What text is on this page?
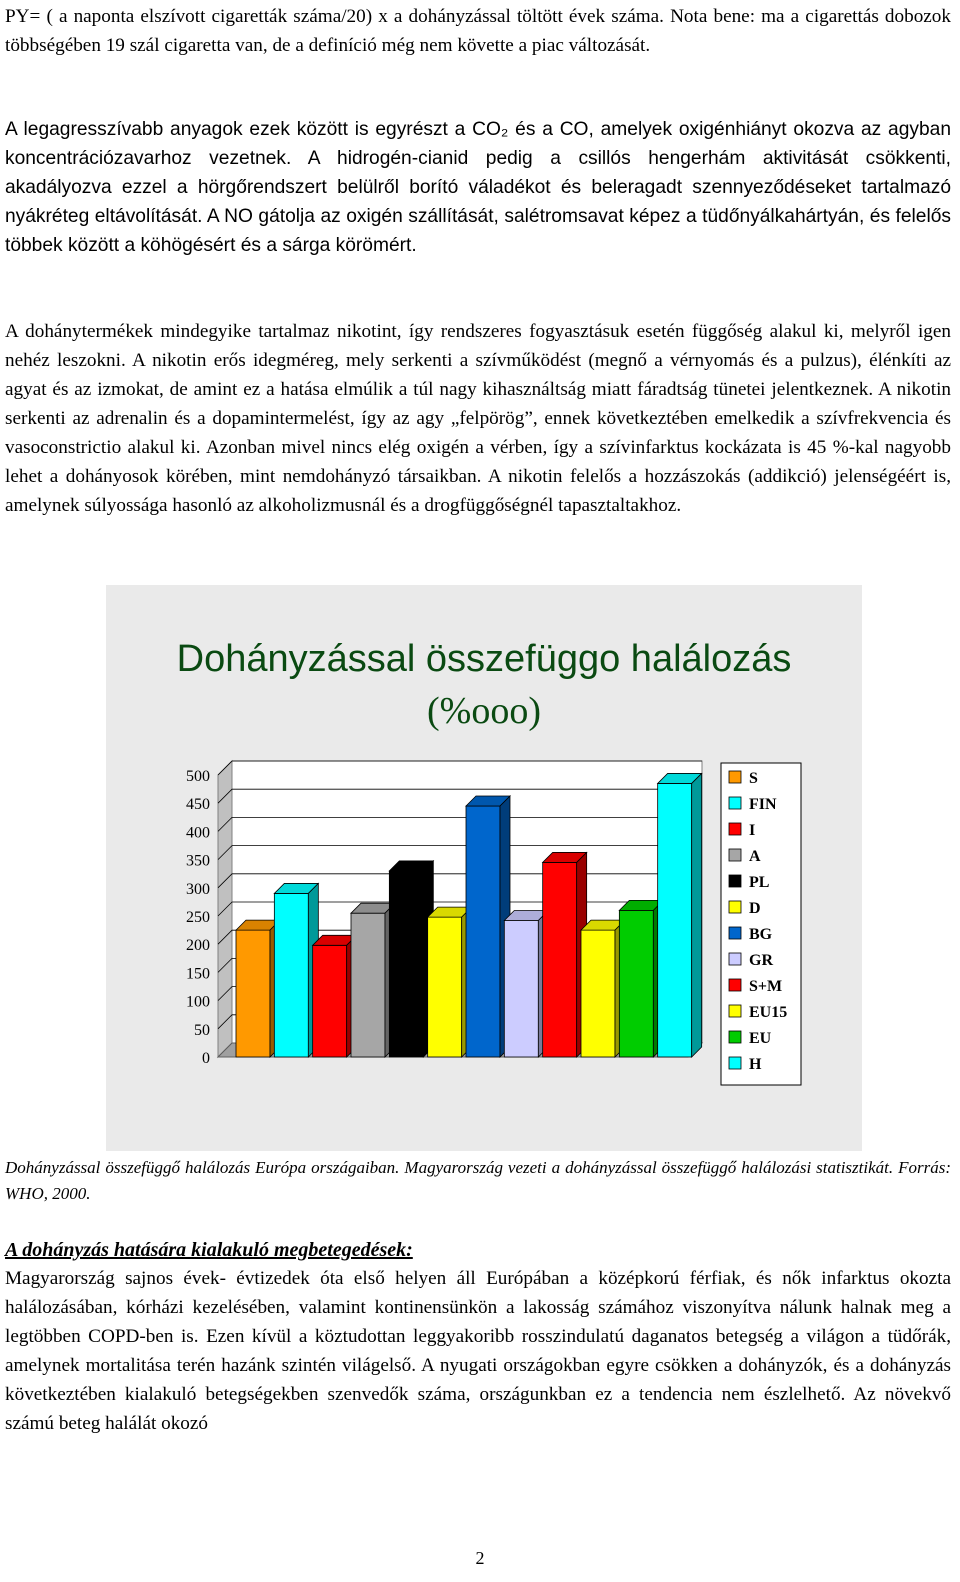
PY= ( a naponta elszívott cigaretták száma/20) x a dohányzással töltött évek száma. Nota bene: ma a cigarettás dobozok többségében 19 szál cigaretta van, de a definíció még nem követte a piac változását.

A legagresszívabb anyagok ezek között is egyrészt a CO₂ és a CO, amelyek oxigénhiányt okozva az agyban koncentrációzavarhoz vezetnek. A hidrogén-cianid pedig a csillós hengerhám aktivitását csökkenti, akadályozva ezzel a hörgőrendszert belülről borító váladékot és beleragadt szennyeződéseket tartalmazó nyákréteg eltávolítását. A NO gátolja az oxigén szállítását, salétromsavat képez a tüdőnyálkahártyán, és felelős többek között a köhögésért és a sárga körömért.

A dohánytermékek mindegyike tartalmaz nikotint, így rendszeres fogyasztásuk esetén függőség alakul ki, melyről igen nehéz leszokni. A nikotin erős idegméreg, mely serkenti a szívműködést (megnő a vérnyomás és a pulzus), élénkíti az agyat és az izmokat, de amint ez a hatása elmúlik a túl nagy kihasználtság miatt fáradtság tünetei jelentkeznek. A nikotin serkenti az adrenalin és a dopamintermelést, így az agy „felpörög”, ennek következtében emelkedik a szívfrekvencia és vasoconstrictio alakul ki. Azonban mivel nincs elég oxigén a vérben, így a szívinfarktus kockázata is 45 %-kal nagyobb lehet a dohányosok körében, mint nemdohányzó társaikban. A nikotin felelős a hozzászokás (addikció) jelenségéért is, amelynek súlyossága hasonló az alkoholizmusnál és a drogfüggőségnél tapasztaltakhoz.

Dohányzással összefüggo halálozás
(%ooo)
0
50
100
150
200
250
300
350
400
450
500	S
FIN
I
A
PL
D
BG
GR
S+M
EU15
EU
H

Dohányzással összefüggő halálozás Európa országaiban. Magyarország vezeti a dohányzással összefüggő halálozási statisztikát. Forrás: WHO, 2000.

A dohányzás hatására kialakuló megbetegedések:

Magyarország sajnos évek- évtizedek óta első helyen áll Európában a középkorú férfiak, és nők infarktus okozta halálozásában, kórházi kezelésében, valamint kontinensünkön a lakosság számához viszonyítva nálunk halnak meg a legtöbben COPD-ben is. Ezen kívül a köztudottan leggyakoribb rosszindulatú daganatos betegség a világon a tüdőrák, amelynek mortalitása terén hazánk szintén világelső. A nyugati országokban egyre csökken a dohányzók, és a dohányzás következtében kialakuló betegségekben szenvedők száma, országunkban ez a tendencia nem észlelhető. Az növekvő számú beteg halálát okozó

2
